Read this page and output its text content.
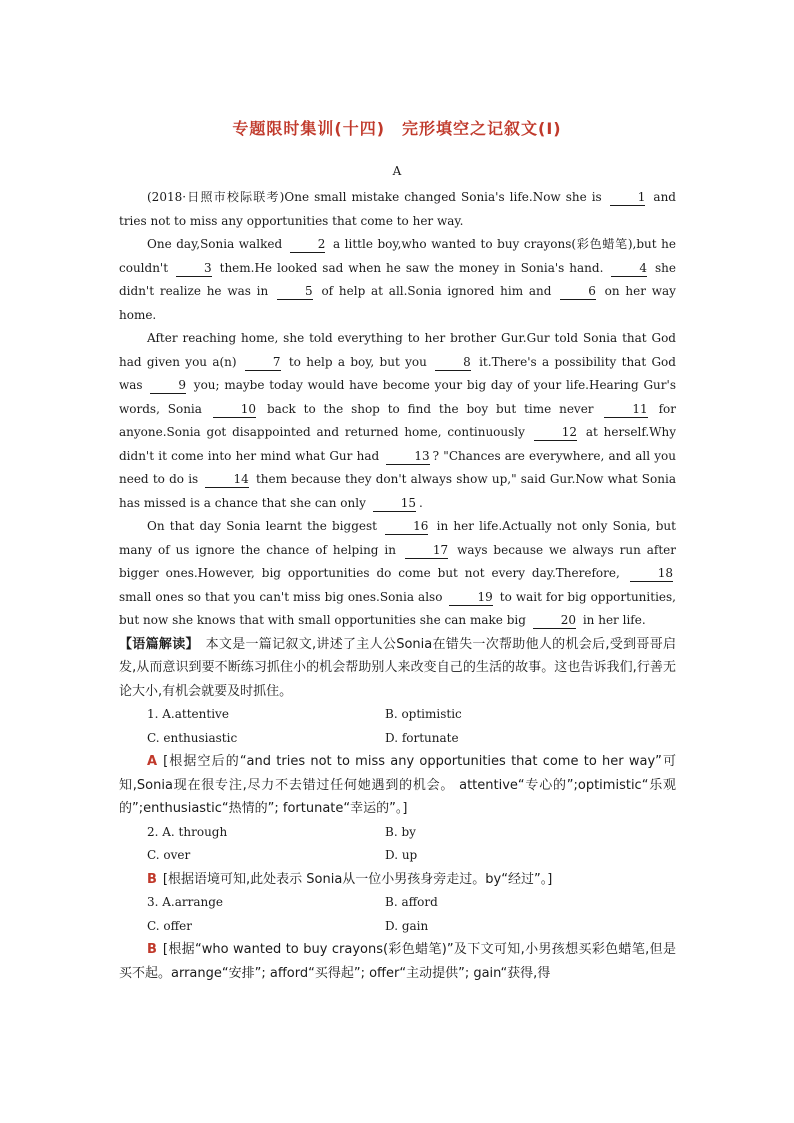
专题限时集训(十四)　完形填空之记叙文(Ⅰ)
A

(2018·日照市校际联考)One small mistake changed Sonia's life.Now she is	1 and tries not to miss any opportunities that come to her way.

One day,Sonia walked	2 a little boy,who wanted to buy crayons(彩色蜡笔),but he couldn't	3 them.He looked sad when he saw the money in Sonia's hand.	4 she didn't realize he was in	5 of help at all.Sonia ignored him and	6 on her way home.

After reaching home, she told everything to her brother Gur.Gur told Sonia that God had given you a(n)	7 to help a boy, but you	8 it.There's a possibility that God was	9 you; maybe today would have become your big day of your life.Hearing Gur's words, Sonia	10 back to the shop to find the boy but time never	11 for anyone.Sonia got disappointed and returned home, continuously	12 at herself.Why didn't it come into her mind what Gur had	13 ? "Chances are everywhere, and all you need to do is	14 them because they don't always show up," said Gur.Now what Sonia has missed is a chance that she can only	15 .

On that day Sonia learnt the biggest	16 in her life.Actually not only Sonia, but many of us ignore the chance of helping in	17 ways because we always run after bigger ones.However, big opportunities do come but not every day.Therefore,	18 small ones so that you can't miss big ones.Sonia also	19 to wait for big opportunities, but now she knows that with small opportunities she can make big	20 in her life.

【语篇解读】　 本文是一篇记叙文,讲述了主人公Sonia在错失一次帮助他人的机会后,受到哥哥启发,从而意识到要不断练习抓住小的机会帮助别人来改变自己的生活的故事。这也告诉我们,行善无论大小,有机会就要及时抓住。

1. A.attentive	B. optimistic
C. enthusiastic	D. fortunate

A [根据空后的“and tries not to miss any opportunities that come to her way”可知,Sonia现在很专注,尽力不去错过任何她遇到的机会。 attentive“专心的”;optimistic“乐观的”;enthusiastic“热情的”; fortunate“幸运的”。]

2. A. through	B. by
C. over	D. up

B [根据语境可知,此处表示 Sonia从一位小男孩身旁走过。by“经过”。]

3. A.arrange	B. afford
C. offer	D. gain

B [根据“who wanted to buy crayons(彩色蜡笔)”及下文可知,小男孩想买彩色蜡笔,但是买不起。arrange“安排”; afford“买得起”; offer“主动提供”; gain“获得,得
